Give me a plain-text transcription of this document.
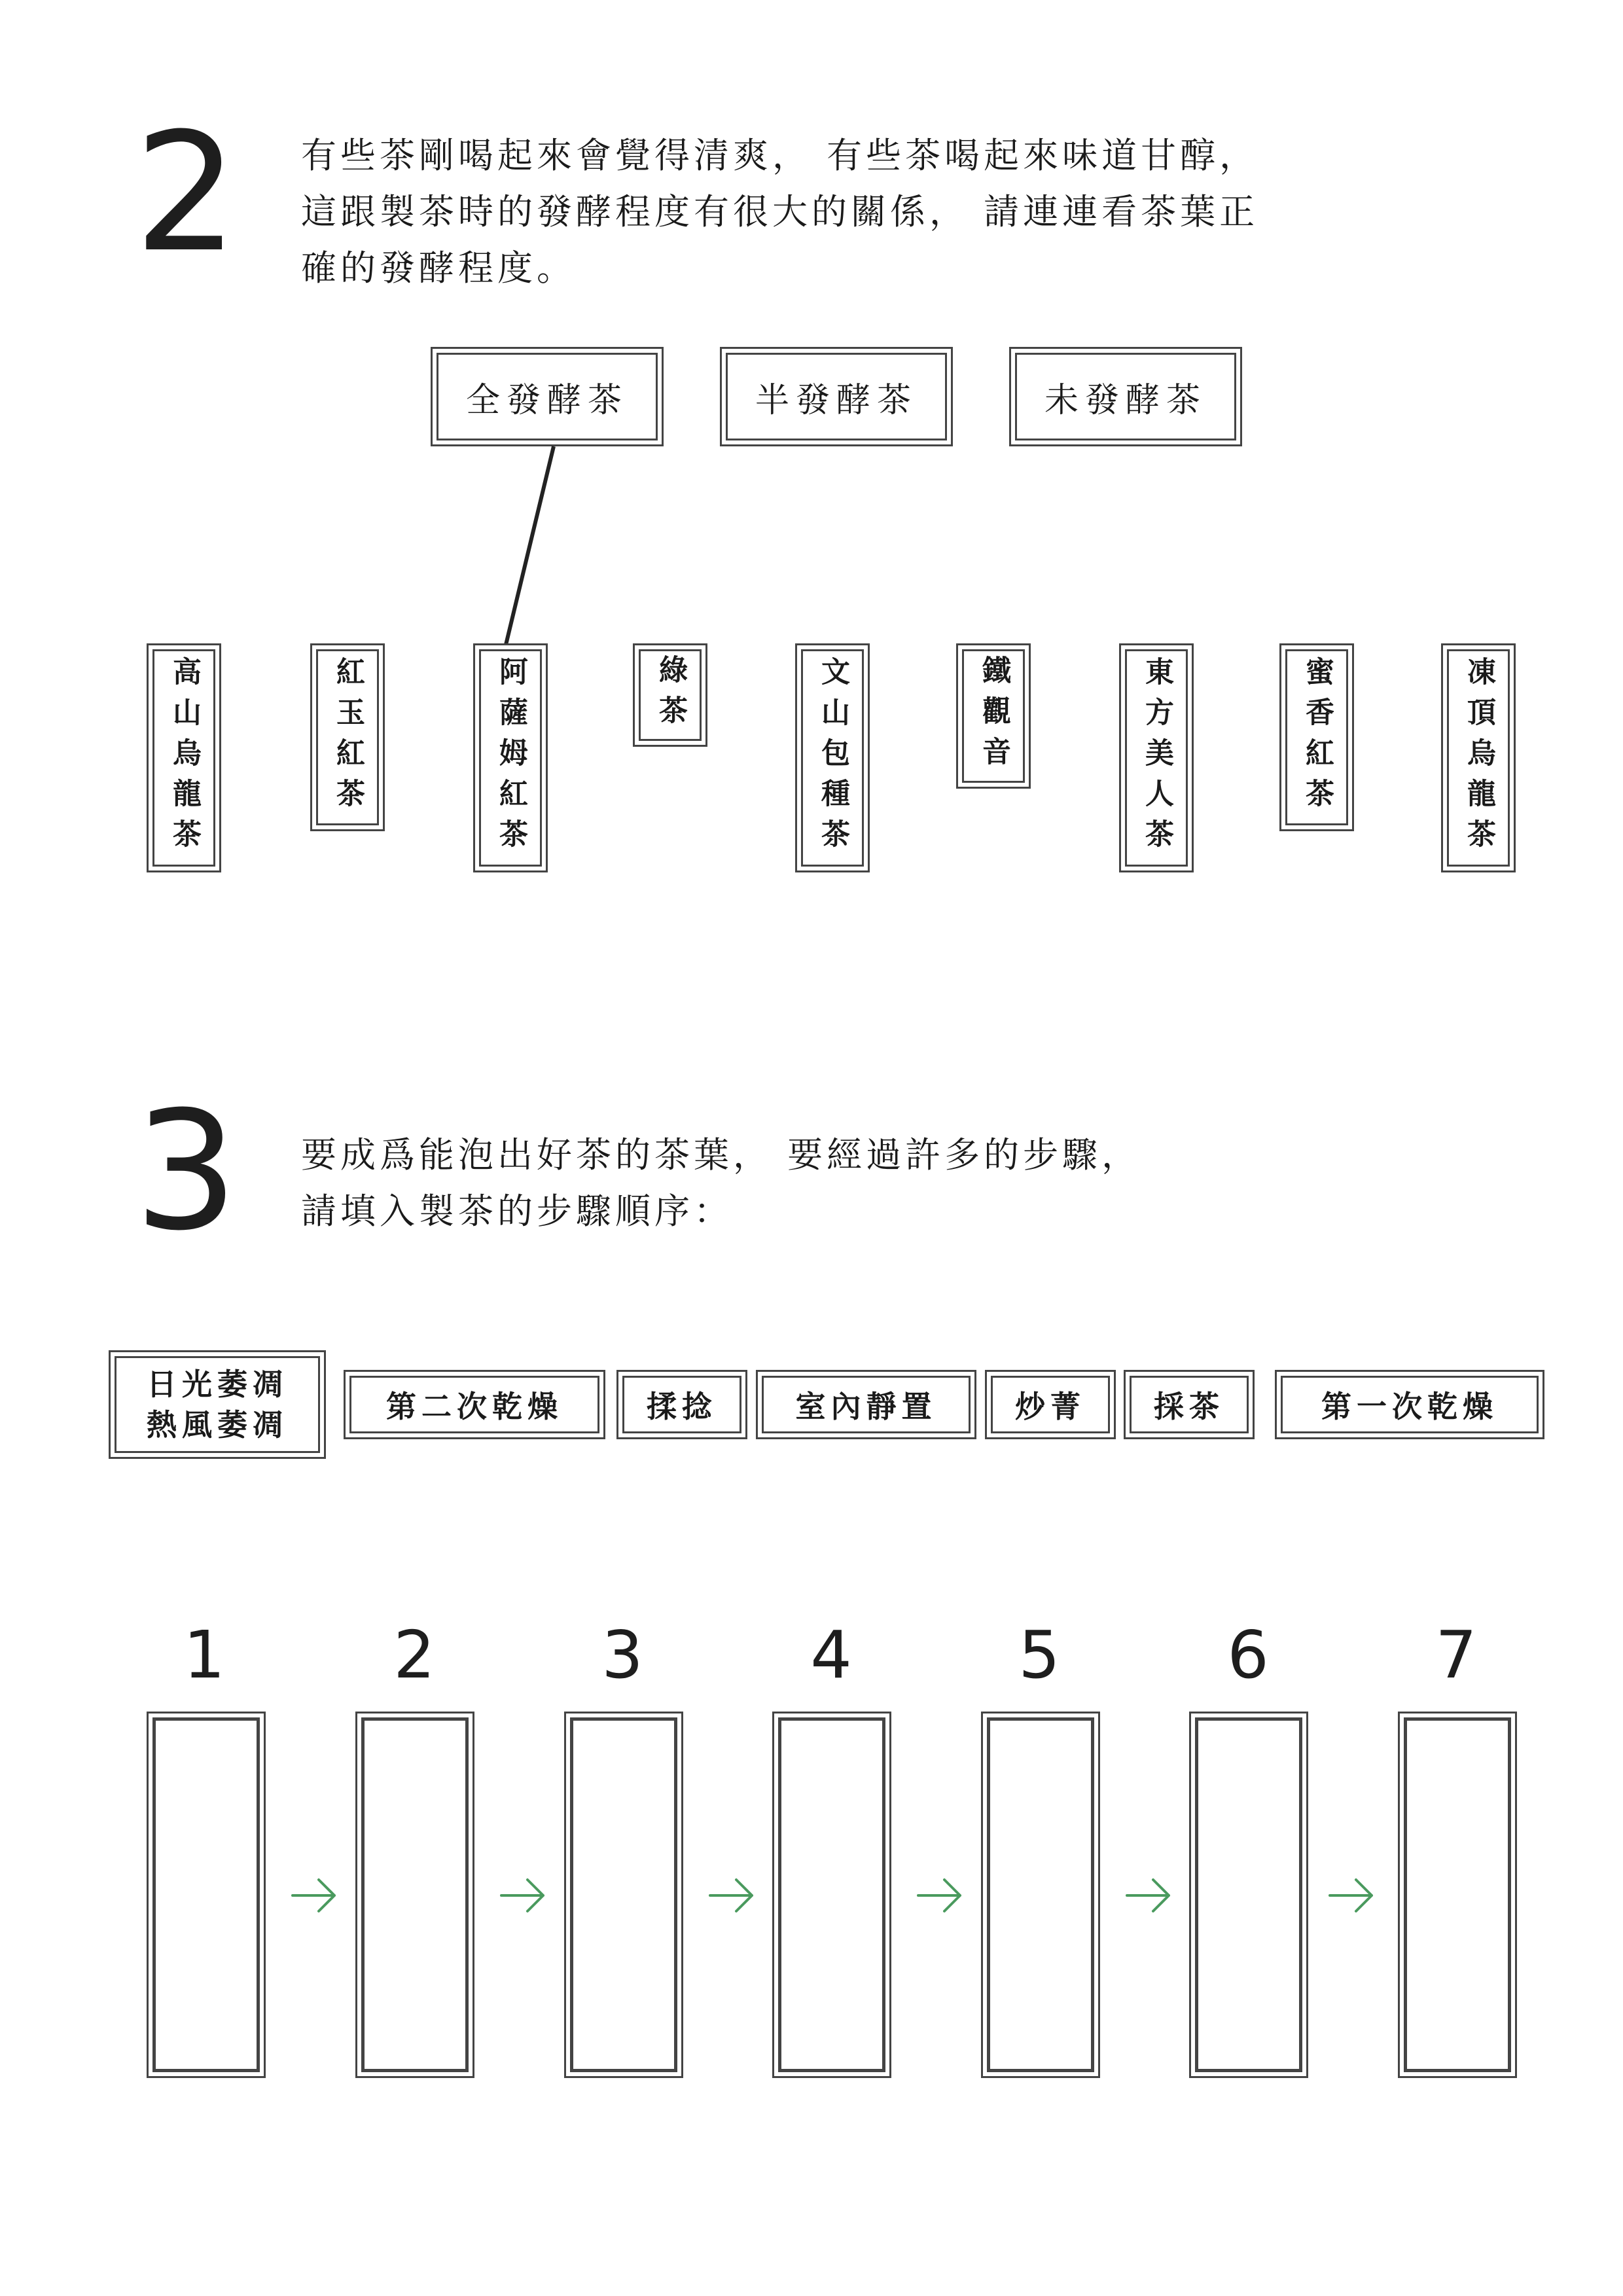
2 有些茶剛喝起來會覺得清爽， 有些茶喝起來味道甘醇，
這跟製茶時的發酵程度有很大的關係， 請連連看茶葉正
確的發酵程度。
全發酵茶	半發酵茶	未發酵茶
高山烏龍茶	紅玉紅茶	阿薩姆紅茶	綠茶	文山包種茶	鐵觀音	東方美人茶	蜜香紅茶	凍頂烏龍茶
3 要成爲能泡出好茶的茶葉， 要經過許多的步驟，
請填入製茶的步驟順序：
日光萎凋
熱風萎凋
第二次乾燥	揉捻	室內靜置	炒菁 採茶	第一次乾燥
1	2	3	4	5	6	7
